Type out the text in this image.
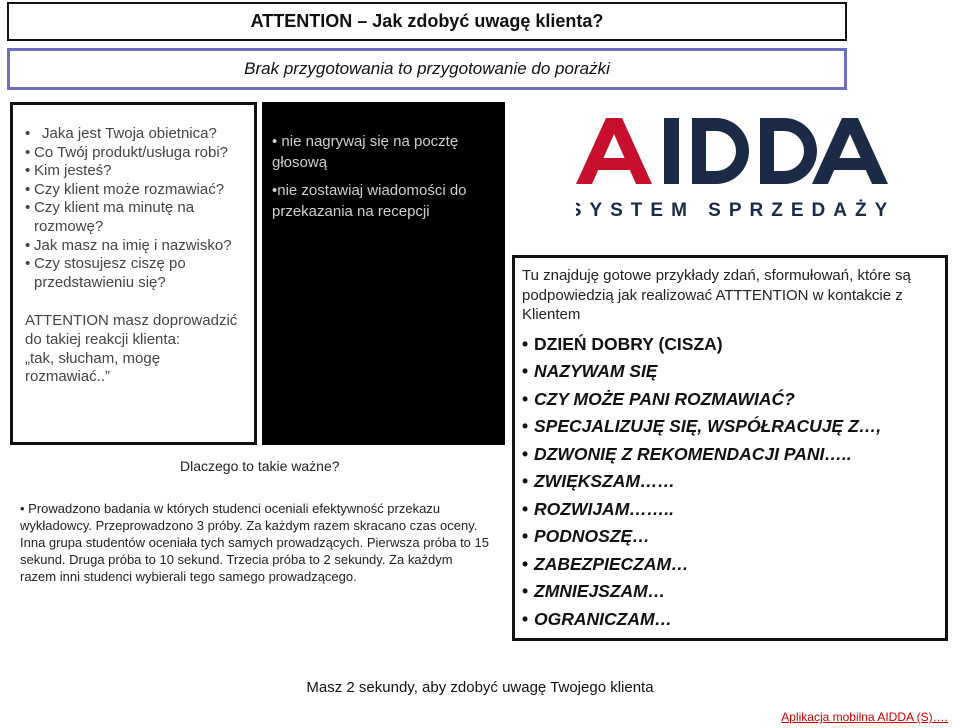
ATTENTION – Jak zdobyć uwagę klienta?
Brak przygotowania to przygotowanie do porażki
• Jaka jest Twoja obietnica?
• Co Twój produkt/usługa robi?
• Kim jesteś?
• Czy klient może rozmawiać?
• Czy klient ma minutę na rozmowę?
• Jak masz na imię i nazwisko?
• Czy stosujesz ciszę po przedstawieniu się?
ATTENTION masz doprowadzić do takiej reakcji klienta:
„tak, słucham, mogę rozmawiać..”

• nie nagrywaj się na pocztę głosową

•nie zostawiaj wiadomości do przekazania na recepcji

Dlaczego to takie ważne?
• Prowadzono badania w których studenci oceniali efektywność przekazu wykładowcy. Przeprowadzono 3 próby. Za każdym razem skracano czas oceny. Inna grupa studentów oceniała tych samych prowadzących. Pierwsza próba to 15 sekund. Druga próba to 10 sekund. Trzecia próba to 2 sekundy. Za każdym razem inni studenci wybierali tego samego prowadzącego.
SYSTEM SPRZEDAŻY
Tu znajduję gotowe przykłady zdań, sformułowań, które są podpowiedzią jak realizować ATTTENTION w kontakcie z Klientem
• DZIEŃ DOBRY (CISZA)
• NAZYWAM SIĘ
• CZY MOŻE PANI ROZMAWIAĆ?
• SPECJALIZUJĘ SIĘ, WSPÓŁRACUJĘ Z…,
• DZWONIĘ Z REKOMENDACJI PANI…..
• ZWIĘKSZAM……
• ROZWIJAM……..
• PODNOSZĘ…
• ZABEZPIECZAM…
• ZMNIEJSZAM…
• OGRANICZAM…
Masz 2 sekundy, aby zdobyć uwagę Twojego klienta
Aplikacja mobilna AIDDA (S)….
